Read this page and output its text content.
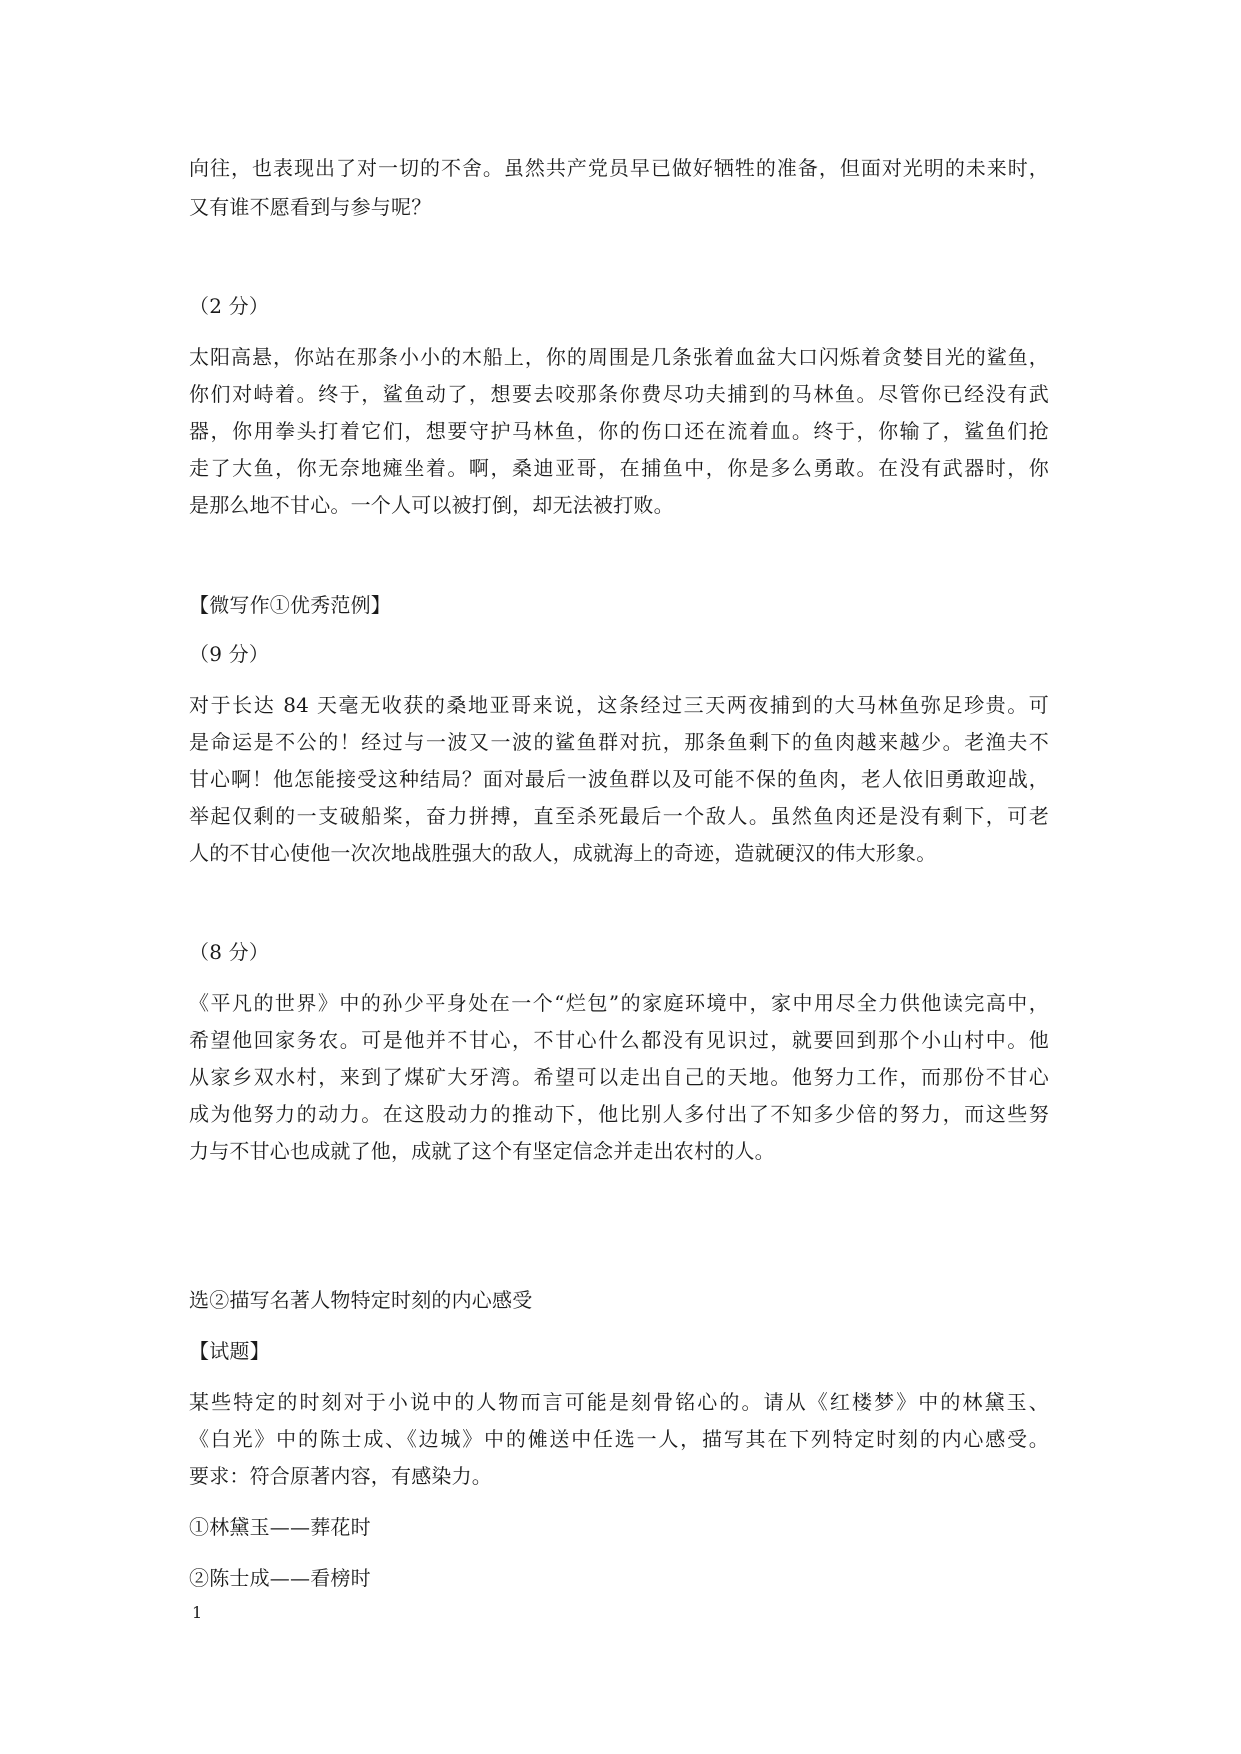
向往，也表现出了对一切的不舍。虽然共产党员早已做好牺牲的准备，但面对光明的未来时，
又有谁不愿看到与参与呢？
（2 分）
太阳高悬，你站在那条小小的木船上，你的周围是几条张着血盆大口闪烁着贪婪目光的鲨鱼，
你们对峙着。终于，鲨鱼动了，想要去咬那条你费尽功夫捕到的马林鱼。尽管你已经没有武
器，你用拳头打着它们，想要守护马林鱼，你的伤口还在流着血。终于，你输了，鲨鱼们抢
走了大鱼，你无奈地瘫坐着。啊，桑迪亚哥，在捕鱼中，你是多么勇敢。在没有武器时，你
是那么地不甘心。一个人可以被打倒，却无法被打败。
【微写作①优秀范例】
（9 分）
对于长达 84 天毫无收获的桑地亚哥来说，这条经过三天两夜捕到的大马林鱼弥足珍贵。可
是命运是不公的！经过与一波又一波的鲨鱼群对抗，那条鱼剩下的鱼肉越来越少。老渔夫不
甘心啊！他怎能接受这种结局？面对最后一波鱼群以及可能不保的鱼肉，老人依旧勇敢迎战，
举起仅剩的一支破船桨，奋力拼搏，直至杀死最后一个敌人。虽然鱼肉还是没有剩下，可老
人的不甘心使他一次次地战胜强大的敌人，成就海上的奇迹，造就硬汉的伟大形象。
（8 分）
《平凡的世界》中的孙少平身处在一个“烂包”的家庭环境中，家中用尽全力供他读完高中，
希望他回家务农。可是他并不甘心，不甘心什么都没有见识过，就要回到那个小山村中。他
从家乡双水村，来到了煤矿大牙湾。希望可以走出自己的天地。他努力工作，而那份不甘心
成为他努力的动力。在这股动力的推动下，他比别人多付出了不知多少倍的努力，而这些努
力与不甘心也成就了他，成就了这个有坚定信念并走出农村的人。
选②描写名著人物特定时刻的内心感受
【试题】
某些特定的时刻对于小说中的人物而言可能是刻骨铭心的。请从《红楼梦》中的林黛玉、
《白光》中的陈士成、《边城》中的傩送中任选一人，描写其在下列特定时刻的内心感受。
要求：符合原著内容，有感染力。
①林黛玉——葬花时
②陈士成——看榜时
1
